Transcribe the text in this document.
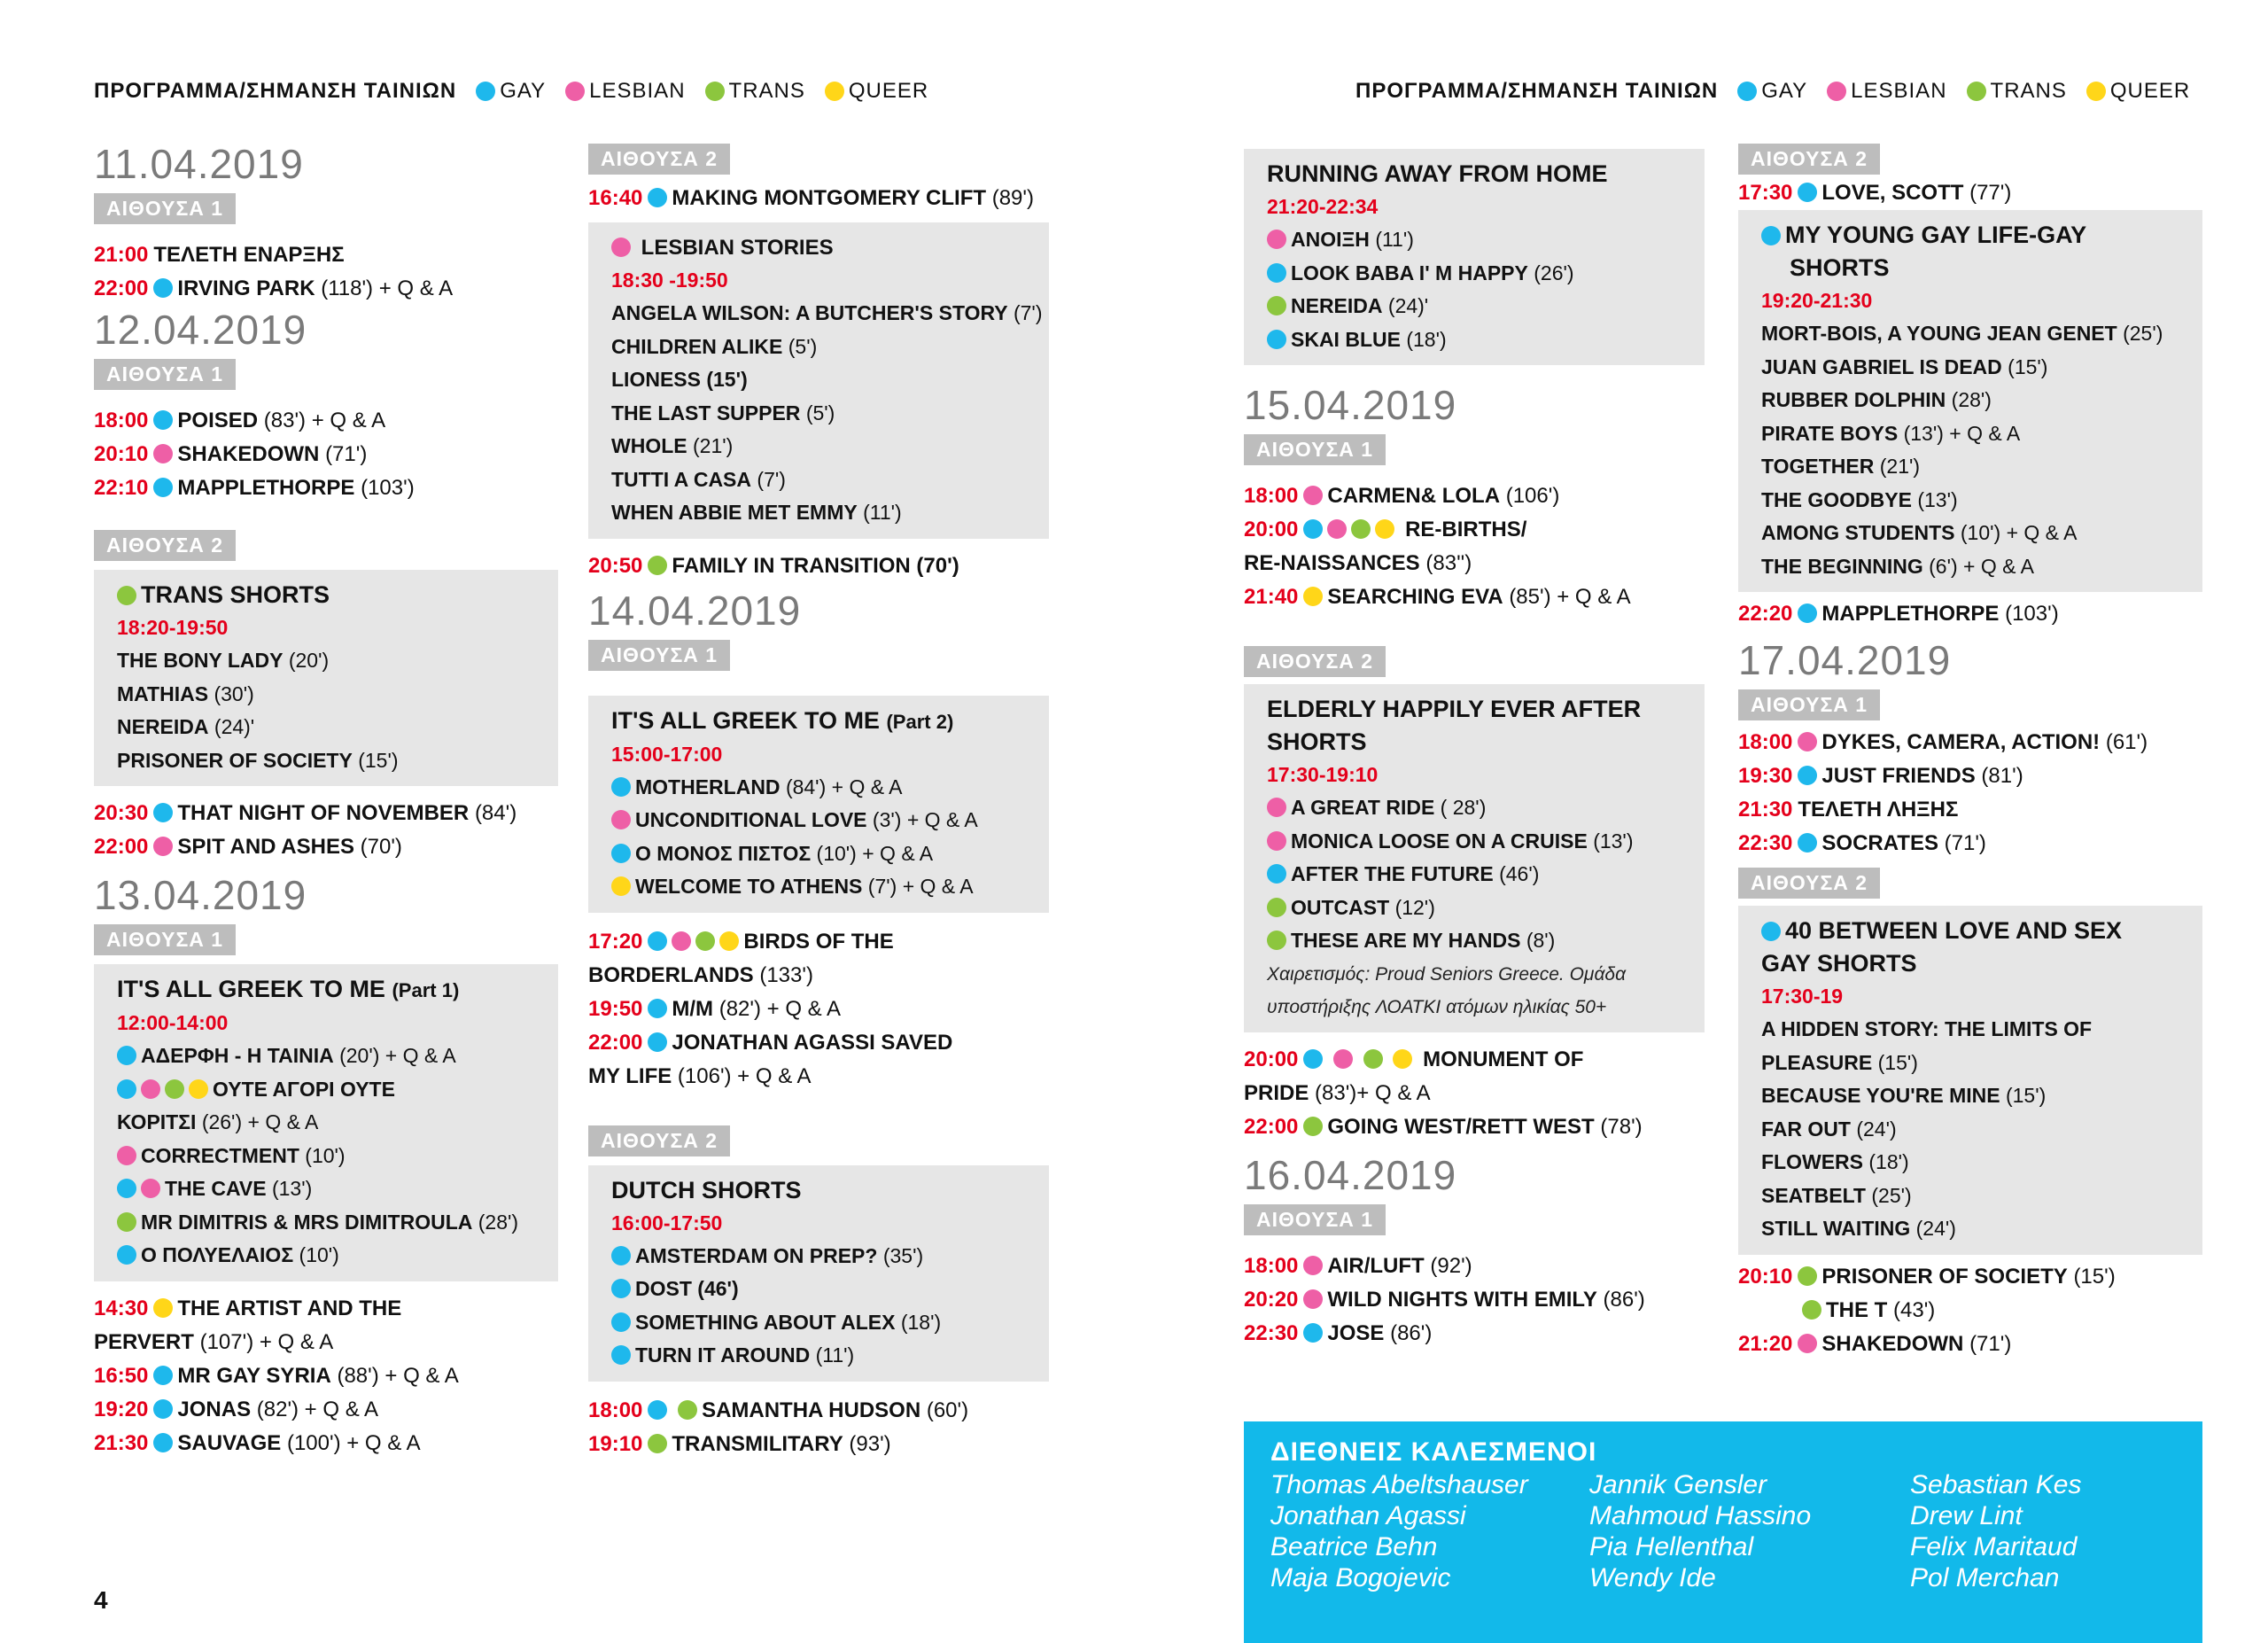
ΠΡΟΓΡΑΜΜΑ/ΣΗΜΑΝΣΗ ΤΑΙΝΙΩΝ GAY LESBIAN TRANS QUEER	ΠΡΟΓΡΑΜΜΑ/ΣΗΜΑΝΣΗ ΤΑΙΝΙΩΝ GAY LESBIAN TRANS QUEER
11.04.2019
ΑΙΘΟΥΣΑ 1
21:00 ΤΕΛΕΤΗ ΕΝΑΡΞΗΣ
22:00 IRVING PARK (118') + Q & A
12.04.2019
ΑΙΘΟΥΣΑ 1
18:00 POISED (83') + Q & A
20:10 SHAKEDOWN (71')
22:10 MAPPLETHORPE (103')
ΑΙΘΟΥΣΑ 2
TRANS SHORTS
18:20-19:50
THE BONY LADY (20')
MATHIAS (30')
NEREIDA (24)'
PRISONER OF SOCIETY (15')
20:30 THAT NIGHT OF NOVEMBER (84')
22:00 SPIT AND ASHES (70')
13.04.2019
ΑΙΘΟΥΣΑ 1
IT'S ALL GREEK TO ME (Part 1)
12:00-14:00
ΑΔΕΡΦΗ - Η ΤΑΙΝΙΑ (20') + Q & A
ΟΥΤΕ ΑΓΟΡΙ ΟΥΤΕ
ΚΟΡΙΤΣΙ (26') + Q & A
CORRECTMENT (10')
THE CAVE (13')
MR DIMITRIS & MRS DIMITROULA (28')
Ο ΠΟΛΥΕΛΑΙΟΣ (10')
14:30 THE ARTIST AND THE
PERVERT (107') + Q & A
16:50 MR GAY SYRIA (88') + Q & A
19:20 JONAS (82') + Q & A
21:30 SAUVAGE (100') + Q & A
ΑΙΘΟΥΣΑ 2
16:40 MAKING MONTGOMERY CLIFT (89')
LESBIAN STORIES
18:30 -19:50
ANGELA WILSON: A BUTCHER'S STORY (7')
CHILDREN ALIKE (5')
LIONESS (15')
THE LAST SUPPER (5')
WHOLE (21')
TUTTI A CASA (7')
WHEN ABBIE MET EMMY (11')
20:50 FAMILY IN TRANSITION (70')
14.04.2019
ΑΙΘΟΥΣΑ 1
IT'S ALL GREEK TO ME (Part 2)
15:00-17:00
MOTHERLAND (84') + Q & A
UNCONDITIONAL LOVE (3') + Q & A
Ο ΜΟΝΟΣ ΠΙΣΤΟΣ (10') + Q & A
WELCOME TO ATHENS (7') + Q & A
17:20	BIRDS OF THE
BORDERLANDS (133')
19:50 M/M (82') + Q & A
22:00 JONATHAN AGASSI SAVED
MY LIFE (106') + Q & A
ΑΙΘΟΥΣΑ 2
DUTCH SHORTS
16:00-17:50
AMSTERDAM ON PREP? (35')
DOST (46')
SOMETHING ABOUT ALEX (18')
TURN IT AROUND (11')
18:00	SAMANTHA HUDSON (60')
19:10 TRANSMILITARY (93')
RUNNING AWAY FROM HOME
21:20-22:34
ΑΝΟΙΞΗ (11')
LOOK BABA I' M HAPPY (26')
NEREIDA (24)'
SKAI BLUE (18')
15.04.2019
ΑΙΘΟΥΣΑ 1
18:00 CARMEN& LOLA (106')
20:00	RE-BIRTHS/
RE-NAISSANCES (83'')
21:40 SEARCHING EVA (85') + Q & A
ΑΙΘΟΥΣΑ 2
ELDERLY HAPPILY EVER AFTER
SHORTS
17:30-19:10
A GREAT RIDE ( 28')
MONICA LOOSE ON A CRUISE (13')
AFTER THE FUTURE (46')
OUTCAST (12')
THESE ARE MY HANDS (8')
Χαιρετισμός: Proud Seniors Greece. Ομάδα
υποστήριξης ΛΟΑΤΚΙ ατόμων ηλικίας 50+
20:00	MONUMENT OF
PRIDE (83')+ Q & A
22:00 GOING WEST/RETT WEST (78')
16.04.2019
ΑΙΘΟΥΣΑ 1
18:00 AIR/LUFT (92')
20:20 WILD NIGHTS WITH EMILY (86')
22:30 JOSE (86')
ΑΙΘΟΥΣΑ 2
17:30 LOVE, SCOTT (77')
MY YOUNG GAY LIFE-GAY
SHORTS
19:20-21:30
MORT-BOIS, A YOUNG JEAN GENET (25')
JUAN GABRIEL IS DEAD (15')
RUBBER DOLPHIN (28')
PIRATE BOYS (13') + Q & A
TOGETHER (21')
THE GOODBYE (13')
AMONG STUDENTS (10') + Q & A
THE BEGINNING (6') + Q & A
22:20 MAPPLETHORPE (103')
17.04.2019
ΑΙΘΟΥΣΑ 1
18:00 DYKES, CAMERA, ACTION! (61')
19:30 JUST FRIENDS (81')
21:30 ΤΕΛΕΤΗ ΛΗΞΗΣ
22:30 SOCRATES (71')
ΑΙΘΟΥΣΑ 2
40 BETWEEN LOVE AND SEX
GAY SHORTS
17:30-19
A HIDDEN STORY: THE LIMITS OF
PLEASURE (15')
BECAUSE YOU'RE MINE (15')
FAR OUT (24')
FLOWERS (18')
SEATBELT (25')
STILL WAITING (24')
20:10 PRISONER OF SOCIETY (15')
THE T (43')
21:20 SHAKEDOWN (71')
ΔΙΕΘΝΕΙΣ ΚΑΛΕΣΜΕΝΟΙ
Thomas Abeltshauser
Jonathan Agassi
Beatrice Behn
Maja Bogojevic
Jannik Gensler
Mahmoud Hassino
Pia Hellenthal
Wendy Ide
Sebastian Kes
Drew Lint
Felix Maritaud
Pol Merchan
4
